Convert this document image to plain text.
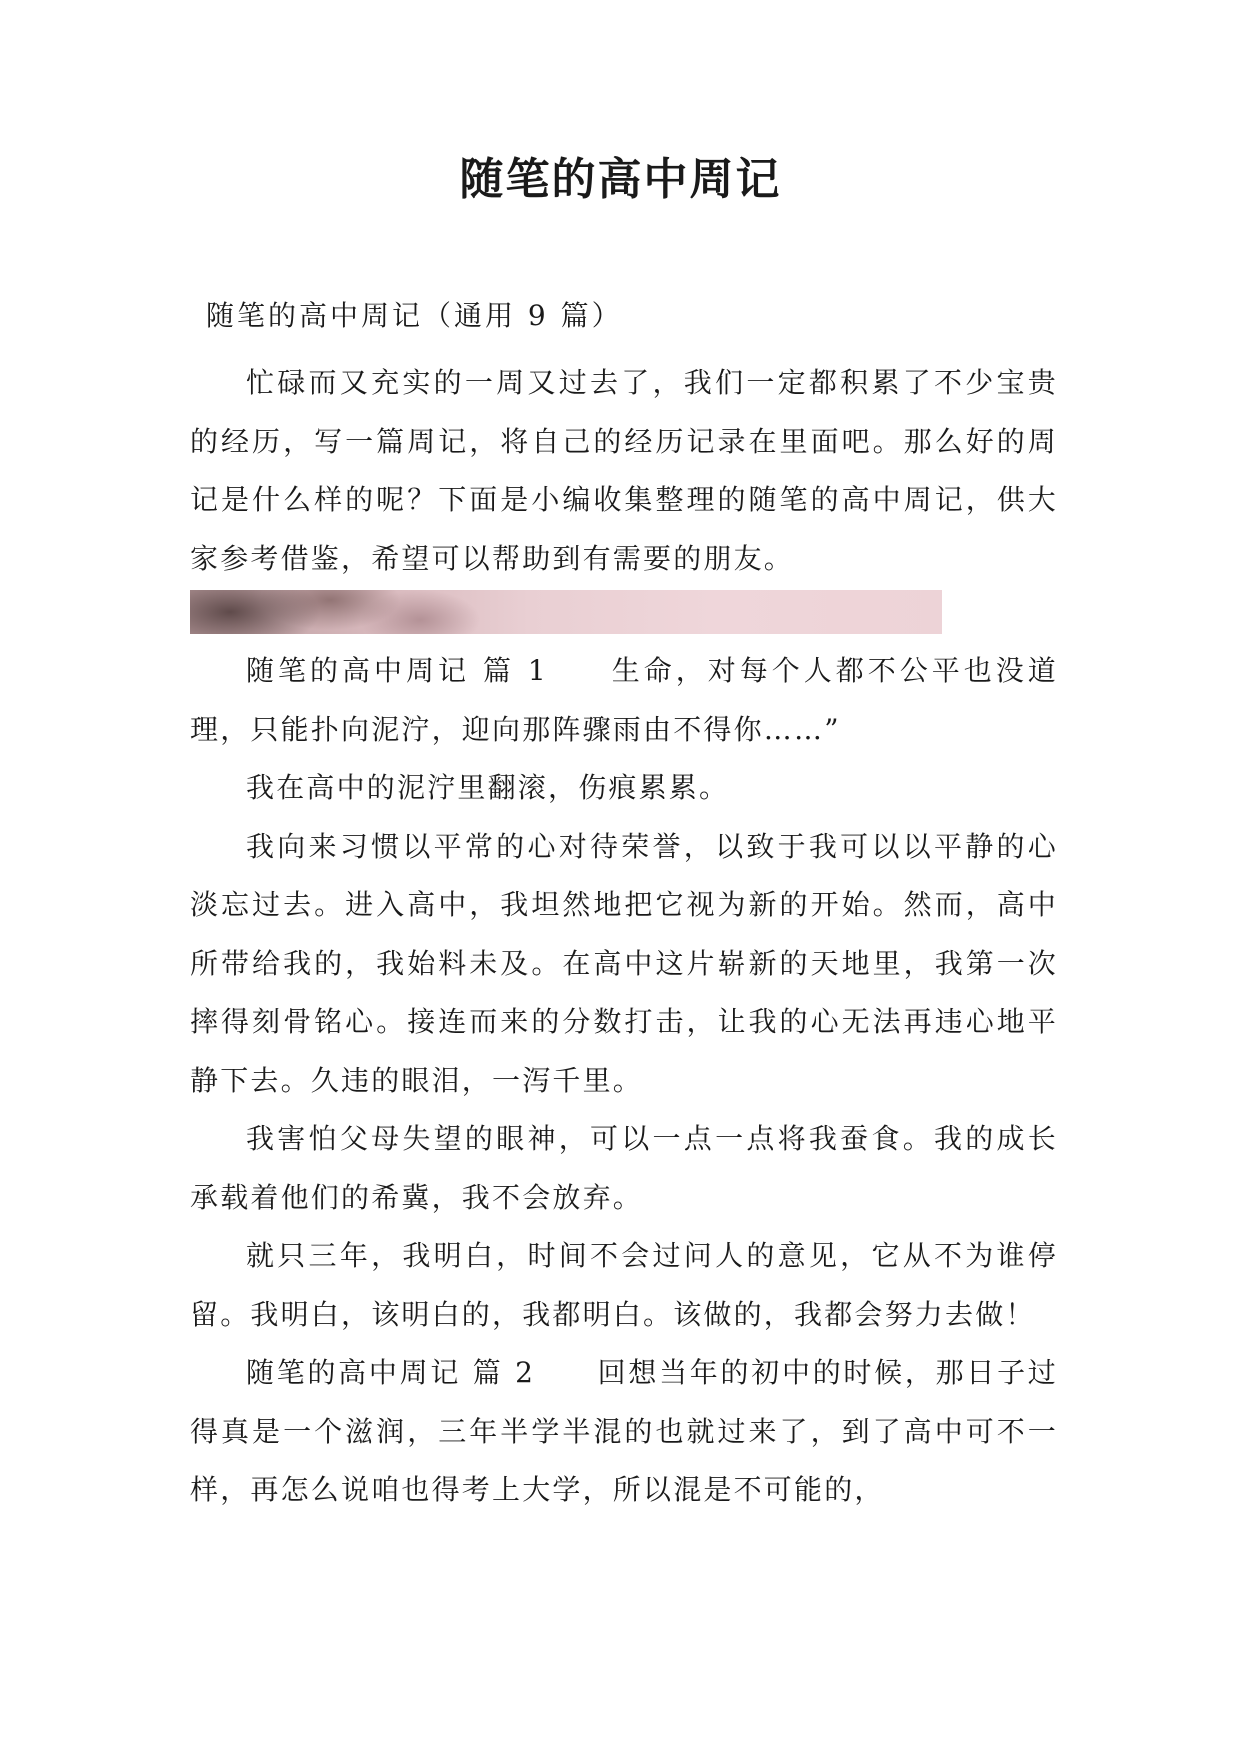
随笔的高中周记
随笔的高中周记（通用 9 篇）

忙碌而又充实的一周又过去了，我们一定都积累了不少宝贵的经历，写一篇周记，将自己的经历记录在里面吧。那么好的周记是什么样的呢？下面是小编收集整理的随笔的高中周记，供大家参考借鉴，希望可以帮助到有需要的朋友。

随笔的高中周记 篇 1 生命，对每个人都不公平也没道理，只能扑向泥泞，迎向那阵骤雨由不得你……”

我在高中的泥泞里翻滚，伤痕累累。

我向来习惯以平常的心对待荣誉，以致于我可以以平静的心淡忘过去。进入高中，我坦然地把它视为新的开始。然而，高中所带给我的，我始料未及。在高中这片崭新的天地里，我第一次摔得刻骨铭心。接连而来的分数打击，让我的心无法再违心地平静下去。久违的眼泪，一泻千里。

我害怕父母失望的眼神，可以一点一点将我蚕食。我的成长承载着他们的希冀，我不会放弃。

就只三年，我明白，时间不会过问人的意见，它从不为谁停留。我明白，该明白的，我都明白。该做的，我都会努力去做！

随笔的高中周记 篇 2 回想当年的初中的时候，那日子过得真是一个滋润，三年半学半混的也就过来了，到了高中可不一样，再怎么说咱也得考上大学，所以混是不可能的，
